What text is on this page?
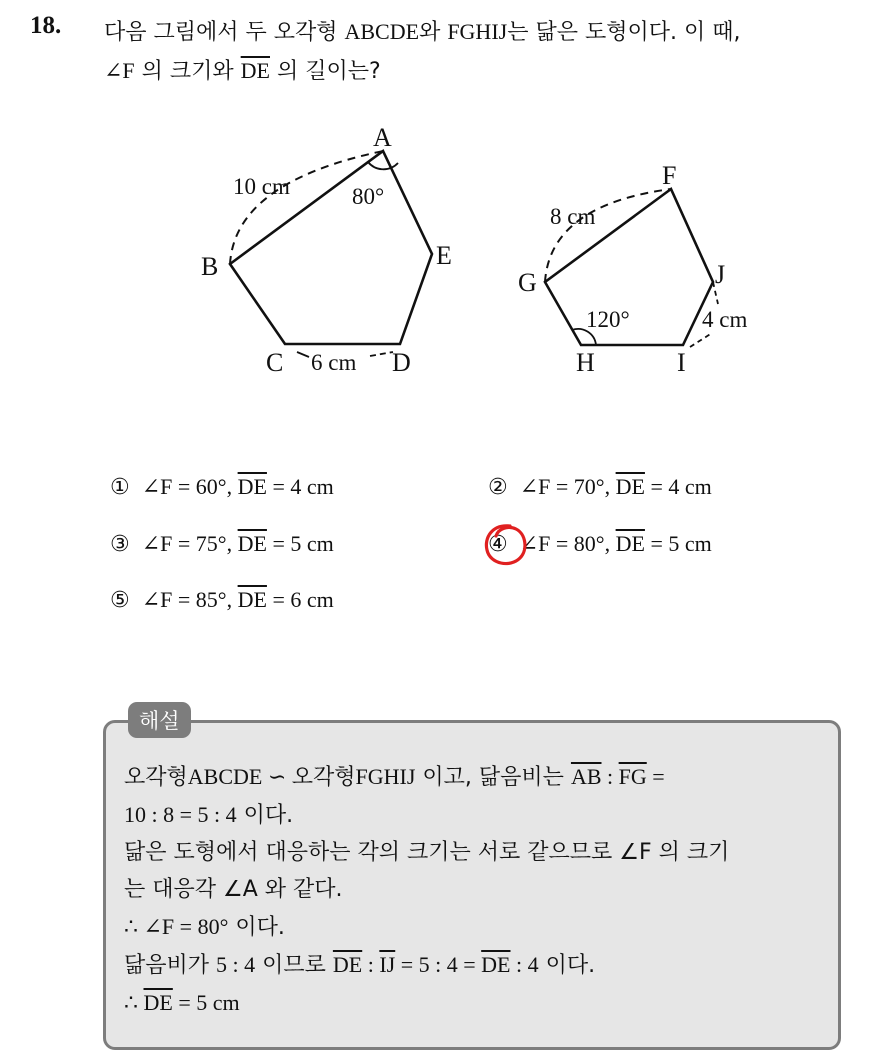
18. 다음 그림에서 두 오각형 ABCDE와 FGHIJ는 닮은 도형이다. 이 때,
∠F 의 크기와 $\overline{DE}$ 의 길이는?
A
B
C	D
E
10 cm
6 cm
80°
F
G
H	I
J
8 cm
4 cm
120°
① ∠F = 60°, $\overline{DE} = 4$ cm	② ∠F = 70°, $\overline{DE} = 4$ cm
③ ∠F = 75°, $\overline{DE} = 5$ cm	④ ∠F = 80°, $\overline{DE} = 5$ cm
⑤ ∠F = 85°, $\overline{DE} = 6$ cm
해설
오각형ABCDE ∽ 오각형FGHIJ 이고, 닮음비는 $\overline{AB}$ : $\overline{FG}$ =
10 : 8 = 5 : 4 이다.
닮은 도형에서 대응하는 각의 크기는 서로 같으므로 ∠F 의 크기
는 대응각 ∠A 와 같다.
∴ ∠F = 80° 이다.
닮음비가 5 : 4 이므로 $\overline{DE}$ : $\overline{IJ} = 5$ : $4 = \overline{DE}$ : 4 이다.
∴ $\overline{DE} = 5$ cm
